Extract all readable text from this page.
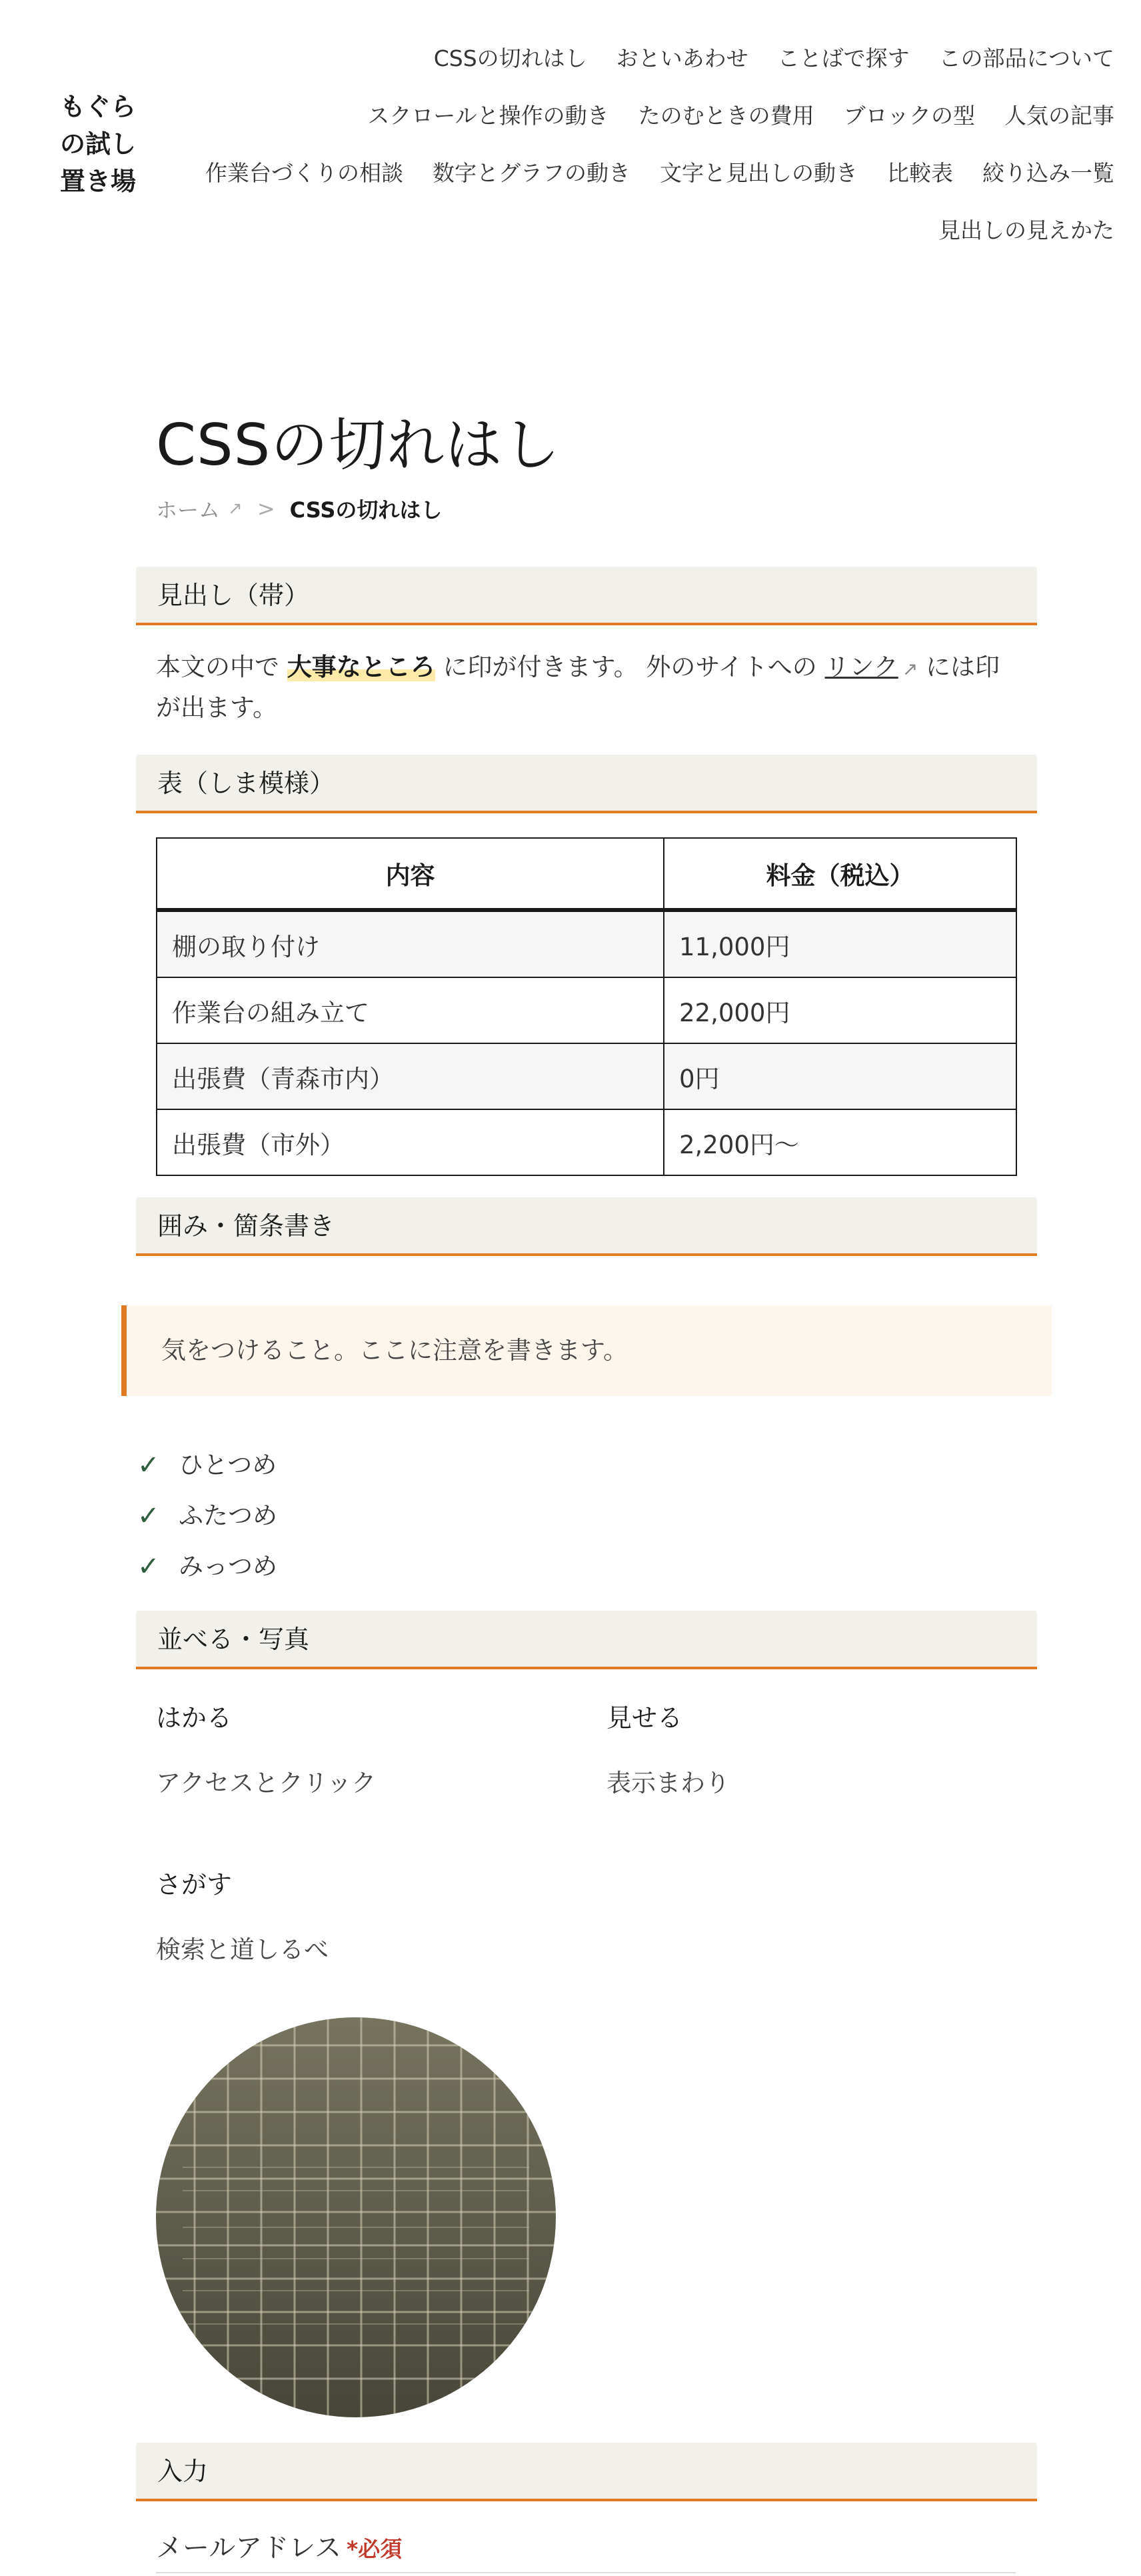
もぐら
の試し
置き場
CSSの切れはし おといあわせ ことばで探す この部品について
スクロールと操作の動き たのむときの費用 ブロックの型 人気の記事
作業台づくりの相談 数字とグラフの動き 文字と見出しの動き 比較表 絞り込み一覧
見出しの見えかた
CSSの切れはし
ホーム ↗ > CSSの切れはし
見出し（帯）

本文の中で 大事なところ に印が付きます。 外のサイトへの リンク ↗ には印が出ます。

表（しま模様）
内容	料金（税込）
棚の取り付け	11,000円
作業台の組み立て	22,000円
出張費（青森市内）	0円
出張費（市外）	2,200円〜
囲み・箇条書き
気をつけること。ここに注意を書きます。
✓ ひとつめ
✓ ふたつめ
✓ みっつめ
並べる・写真
はかる
アクセスとクリック
見せる
表示まわり
さがす
検索と道しるべ
入力
メールアドレス *必須
